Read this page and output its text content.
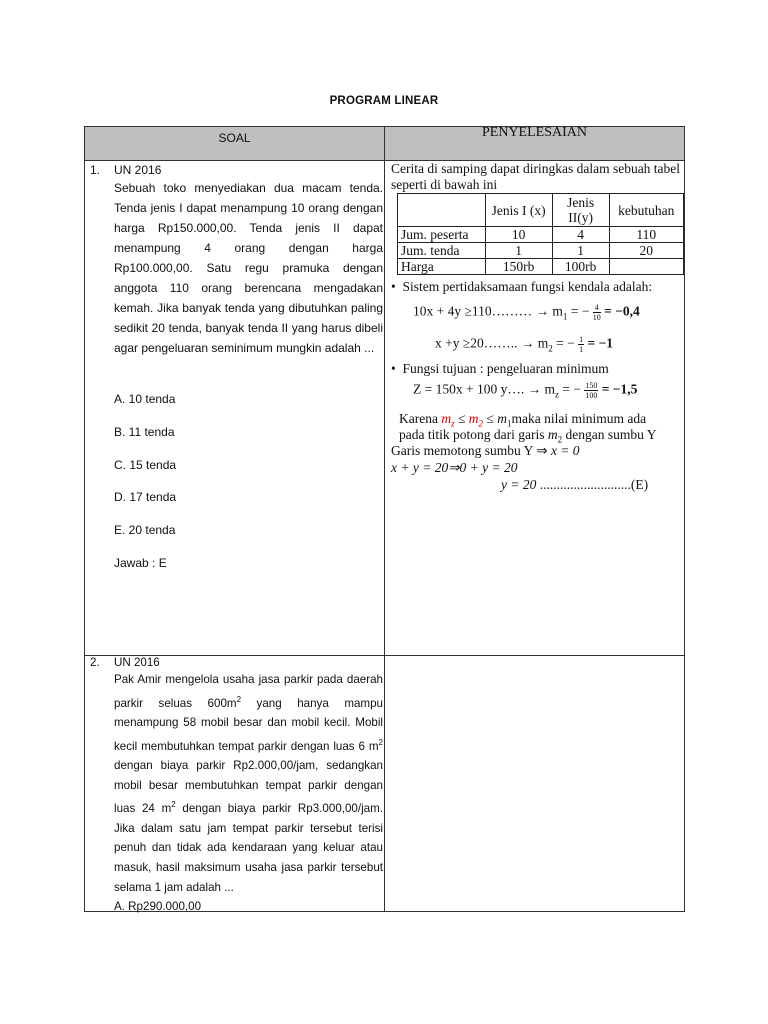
PROGRAM LINEAR
SOAL	PENYELESAIAN
1. UN 2016
Sebuah toko menyediakan dua macam tenda. Tenda jenis I dapat menampung 10 orang dengan harga Rp150.000,00. Tenda jenis II dapat menampung 4 orang dengan harga Rp100.000,00. Satu regu pramuka dengan anggota 110 orang berencana mengadakan kemah. Jika banyak tenda yang dibutuhkan paling sedikit 20 tenda, banyak tenda II yang harus dibeli agar pengeluaran seminimum mungkin adalah ...
A. 10 tenda
B. 11 tenda
C. 15 tenda
D. 17 tenda
E. 20 tenda
Jawab : E
Cerita di samping dapat diringkas dalam sebuah tabel seperti di bawah ini
	Jenis I (x)	Jenis II(y)	kebutuhan
Jum. peserta	10	4	110
Jum. tenda	1	1	20
Harga	150rb	100rb	
•  Sistem pertidaksamaan fungsi kendala adalah:
10x + 4y ≥110……… → $m_1$ = − $\frac{4}{10} = -0,4$
x +y ≥20…….. → $m_2$ = − $\frac{1}{1} = -1$
•  Fungsi tujuan : pengeluaran minimum
Z = 150x + 100 y…. → $m_z$ = − $\frac{150}{100} = -1,5$
Karena $m_z \le m_2$ ≤ $m_1maka$ nilai minimum ada
pada titik potong dari garis $m_2$ dengan sumbu Y
Garis memotong sumbu Y ⇒ x = 0
x + y = 20⇒0 + y = 20
y = 20 ...........................(E)
2. UN 2016
Pak Amir mengelola usaha jasa parkir pada daerah parkir seluas $600m^2$ yang hanya mampu menampung 58 mobil besar dan mobil kecil. Mobil kecil membutuhkan tempat parkir dengan luas 6 $m^2$ dengan biaya parkir Rp2.000,00/jam, sedangkan mobil besar membutuhkan tempat parkir dengan luas 24 $m^2$ dengan biaya parkir Rp3.000,00/jam. Jika dalam satu jam tempat parkir tersebut terisi penuh dan tidak ada kendaraan yang keluar atau masuk, hasil maksimum usaha jasa parkir tersebut selama 1 jam adalah ...
A. Rp290.000,00
